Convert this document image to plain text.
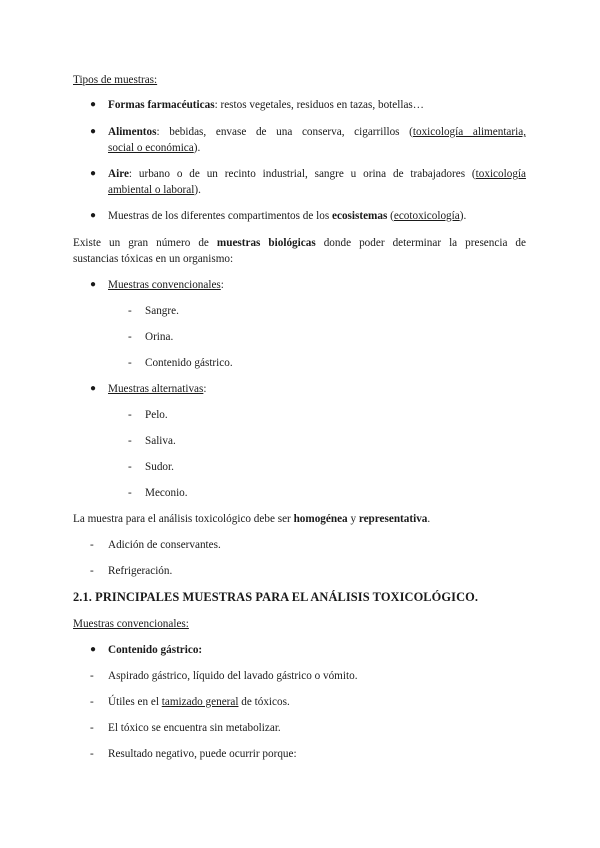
Tipos de muestras:
● Formas farmacéuticas: restos vegetales, residuos en tazas, botellas…
● Alimentos: bebidas, envase de una conserva, cigarrillos (toxicología alimentaria,
social o económica).
● Aire: urbano o de un recinto industrial, sangre u orina de trabajadores (toxicología
ambiental o laboral).
● Muestras de los diferentes compartimentos de los ecosistemas (ecotoxicología).
Existe un gran número de muestras biológicas donde poder determinar la presencia de
sustancias tóxicas en un organismo:
● Muestras convencionales:
- Sangre.
- Orina.
- Contenido gástrico.
● Muestras alternativas:
- Pelo.
- Saliva.
- Sudor.
- Meconio.
La muestra para el análisis toxicológico debe ser homogénea y representativa.
- Adición de conservantes.
- Refrigeración.
2.1. PRINCIPALES MUESTRAS PARA EL ANÁLISIS TOXICOLÓGICO.
Muestras convencionales:
● Contenido gástrico:
- Aspirado gástrico, líquido del lavado gástrico o vómito.
- Útiles en el tamizado general de tóxicos.
- El tóxico se encuentra sin metabolizar.
- Resultado negativo, puede ocurrir porque:
